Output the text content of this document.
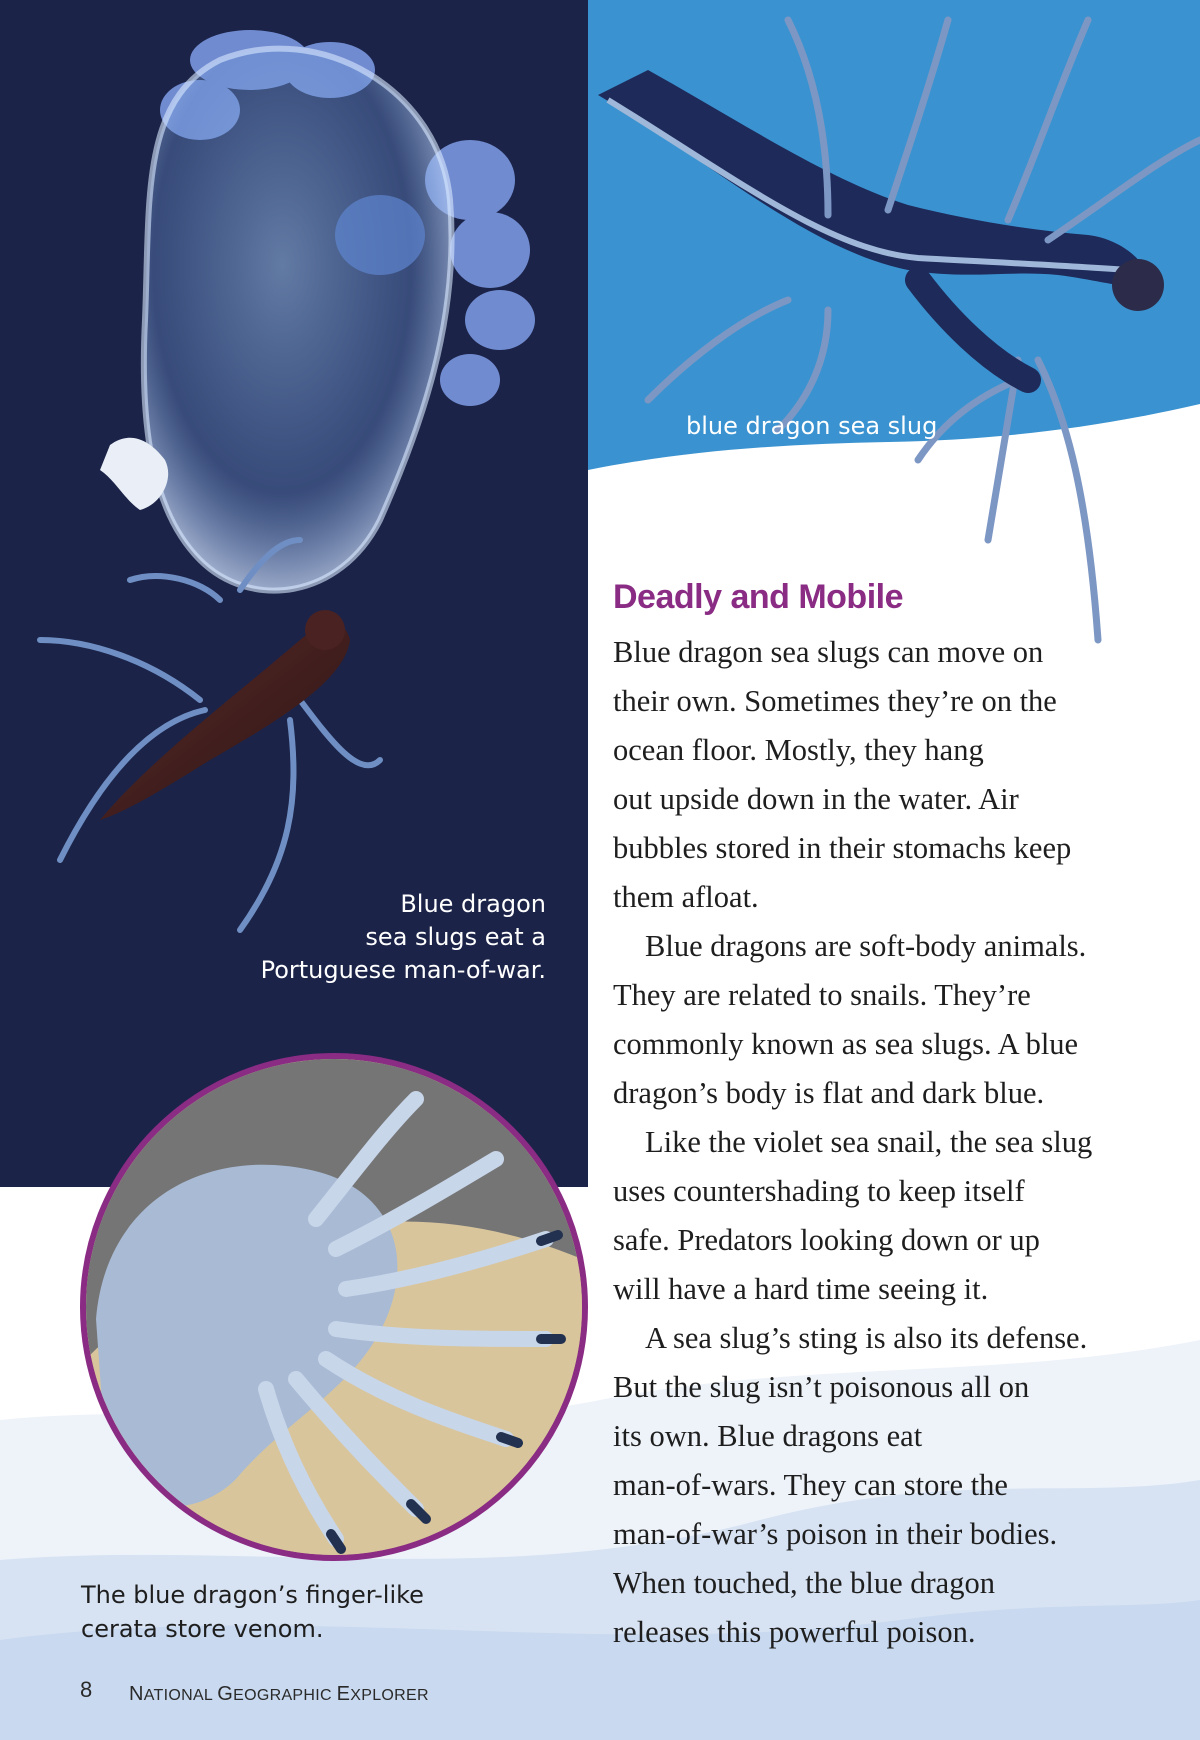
Blue dragon
sea slugs eat a
Portuguese man-of-war.
blue dragon sea slug
The blue dragon’s finger-like
cerata store venom.
Deadly and Mobile

Blue dragon sea slugs can move on

their own. Sometimes they’re on the

ocean floor. Mostly, they hang

out upside down in the water. Air

bubbles stored in their stomachs keep

them afloat.

Blue dragons are soft-body animals.

They are related to snails. They’re

commonly known as sea slugs. A blue

dragon’s body is flat and dark blue.

Like the violet sea snail, the sea slug

uses countershading to keep itself

safe. Predators looking down or up

will have a hard time seeing it.

A sea slug’s sting is also its defense.

But the slug isn’t poisonous all on

its own. Blue dragons eat

man-of-wars. They can store the

man-of-war’s poison in their bodies.

When touched, the blue dragon

releases this powerful poison.

8 NATIONAL GEOGRAPHIC EXPLORER
